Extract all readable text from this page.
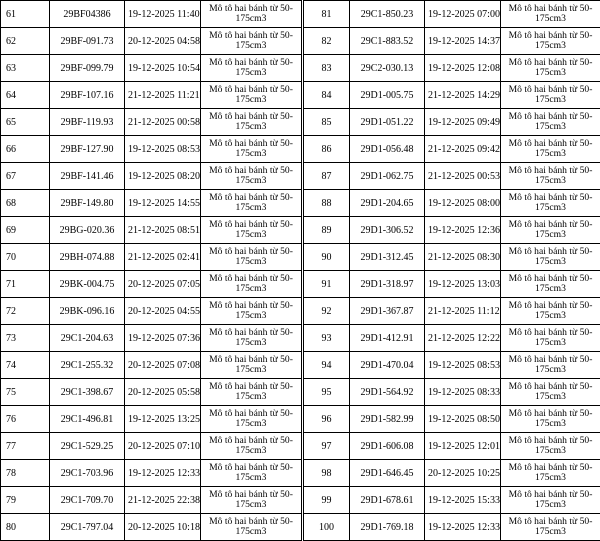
61	29BF04386	19-12-2025 11:40	Mô tô hai bánh từ 50-175cm3		81	29C1-850.23	19-12-2025 07:00	Mô tô hai bánh từ 50-175cm3
62	29BF-091.73	20-12-2025 04:58	Mô tô hai bánh từ 50-175cm3		82	29C1-883.52	19-12-2025 14:37	Mô tô hai bánh từ 50-175cm3
63	29BF-099.79	19-12-2025 10:54	Mô tô hai bánh từ 50-175cm3		83	29C2-030.13	19-12-2025 12:08	Mô tô hai bánh từ 50-175cm3
64	29BF-107.16	21-12-2025 11:21	Mô tô hai bánh từ 50-175cm3		84	29D1-005.75	21-12-2025 14:29	Mô tô hai bánh từ 50-175cm3
65	29BF-119.93	21-12-2025 00:58	Mô tô hai bánh từ 50-175cm3		85	29D1-051.22	19-12-2025 09:49	Mô tô hai bánh từ 50-175cm3
66	29BF-127.90	19-12-2025 08:53	Mô tô hai bánh từ 50-175cm3		86	29D1-056.48	21-12-2025 09:42	Mô tô hai bánh từ 50-175cm3
67	29BF-141.46	19-12-2025 08:20	Mô tô hai bánh từ 50-175cm3		87	29D1-062.75	21-12-2025 00:53	Mô tô hai bánh từ 50-175cm3
68	29BF-149.80	19-12-2025 14:55	Mô tô hai bánh từ 50-175cm3		88	29D1-204.65	19-12-2025 08:00	Mô tô hai bánh từ 50-175cm3
69	29BG-020.36	21-12-2025 08:51	Mô tô hai bánh từ 50-175cm3		89	29D1-306.52	19-12-2025 12:36	Mô tô hai bánh từ 50-175cm3
70	29BH-074.88	21-12-2025 02:41	Mô tô hai bánh từ 50-175cm3		90	29D1-312.45	21-12-2025 08:30	Mô tô hai bánh từ 50-175cm3
71	29BK-004.75	20-12-2025 07:05	Mô tô hai bánh từ 50-175cm3		91	29D1-318.97	19-12-2025 13:03	Mô tô hai bánh từ 50-175cm3
72	29BK-096.16	20-12-2025 04:55	Mô tô hai bánh từ 50-175cm3		92	29D1-367.87	21-12-2025 11:12	Mô tô hai bánh từ 50-175cm3
73	29C1-204.63	19-12-2025 07:36	Mô tô hai bánh từ 50-175cm3		93	29D1-412.91	21-12-2025 12:22	Mô tô hai bánh từ 50-175cm3
74	29C1-255.32	20-12-2025 07:08	Mô tô hai bánh từ 50-175cm3		94	29D1-470.04	19-12-2025 08:53	Mô tô hai bánh từ 50-175cm3
75	29C1-398.67	20-12-2025 05:58	Mô tô hai bánh từ 50-175cm3		95	29D1-564.92	19-12-2025 08:33	Mô tô hai bánh từ 50-175cm3
76	29C1-496.81	19-12-2025 13:25	Mô tô hai bánh từ 50-175cm3		96	29D1-582.99	19-12-2025 08:50	Mô tô hai bánh từ 50-175cm3
77	29C1-529.25	20-12-2025 07:10	Mô tô hai bánh từ 50-175cm3		97	29D1-606.08	19-12-2025 12:01	Mô tô hai bánh từ 50-175cm3
78	29C1-703.96	19-12-2025 12:33	Mô tô hai bánh từ 50-175cm3		98	29D1-646.45	20-12-2025 10:25	Mô tô hai bánh từ 50-175cm3
79	29C1-709.70	21-12-2025 22:38	Mô tô hai bánh từ 50-175cm3		99	29D1-678.61	19-12-2025 15:33	Mô tô hai bánh từ 50-175cm3
80	29C1-797.04	20-12-2025 10:18	Mô tô hai bánh từ 50-175cm3		100	29D1-769.18	19-12-2025 12:33	Mô tô hai bánh từ 50-175cm3
